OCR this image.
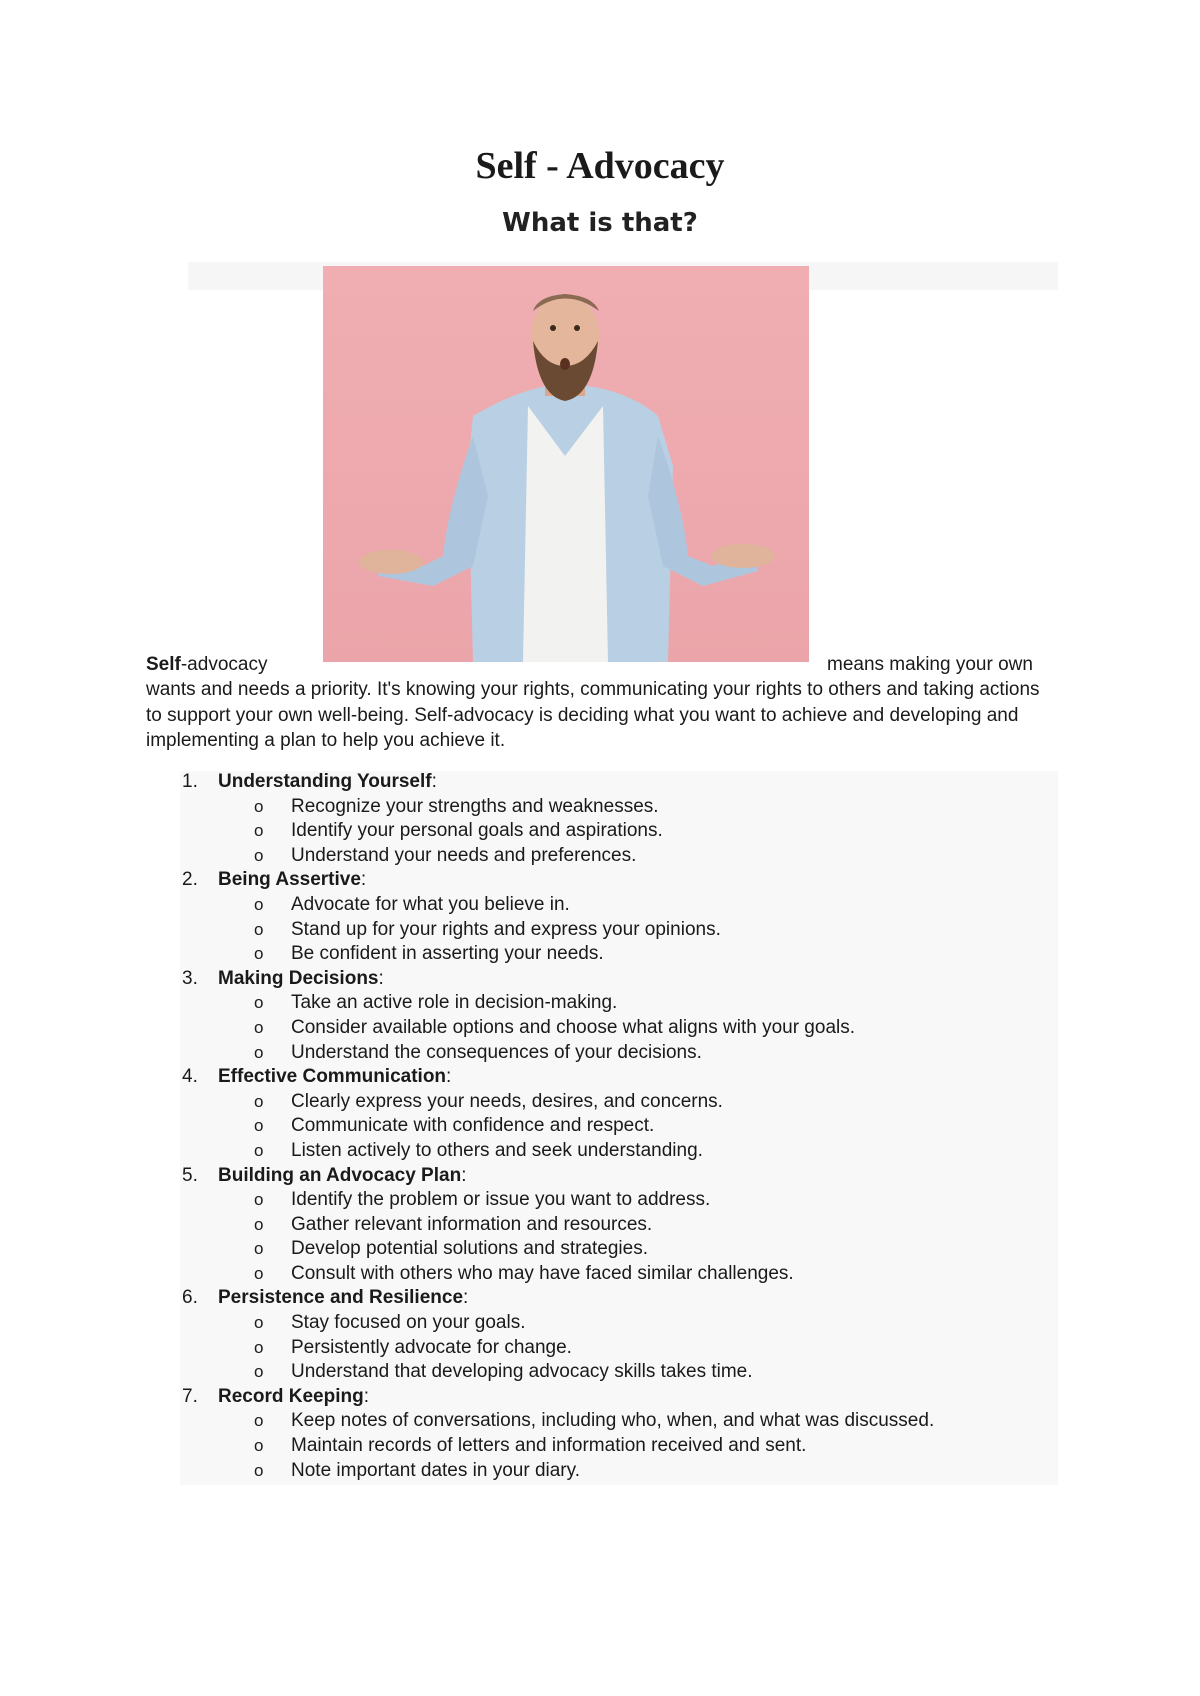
Self - Advocacy
What is that?
Self-advocacy	means making your own

wants and needs a priority. It's knowing your rights, communicating your rights to others and taking actions to support your own well-being. Self-advocacy is deciding what you want to achieve and developing and implementing a plan to help you achieve it.

1.	Understanding Yourself:
o Recognize your strengths and weaknesses.
o Identify your personal goals and aspirations.
o Understand your needs and preferences.
2.	Being Assertive:
o Advocate for what you believe in.
o Stand up for your rights and express your opinions.
o Be confident in asserting your needs.
3.	Making Decisions:
o Take an active role in decision-making.
o Consider available options and choose what aligns with your goals.
o Understand the consequences of your decisions.
4.	Effective Communication:
o Clearly express your needs, desires, and concerns.
o Communicate with confidence and respect.
o Listen actively to others and seek understanding.
5.	Building an Advocacy Plan:
o Identify the problem or issue you want to address.
o Gather relevant information and resources.
o Develop potential solutions and strategies.
o Consult with others who may have faced similar challenges.
6.	Persistence and Resilience:
o Stay focused on your goals.
o Persistently advocate for change.
o Understand that developing advocacy skills takes time.
7.	Record Keeping:
o Keep notes of conversations, including who, when, and what was discussed.
o Maintain records of letters and information received and sent.
o Note important dates in your diary.
